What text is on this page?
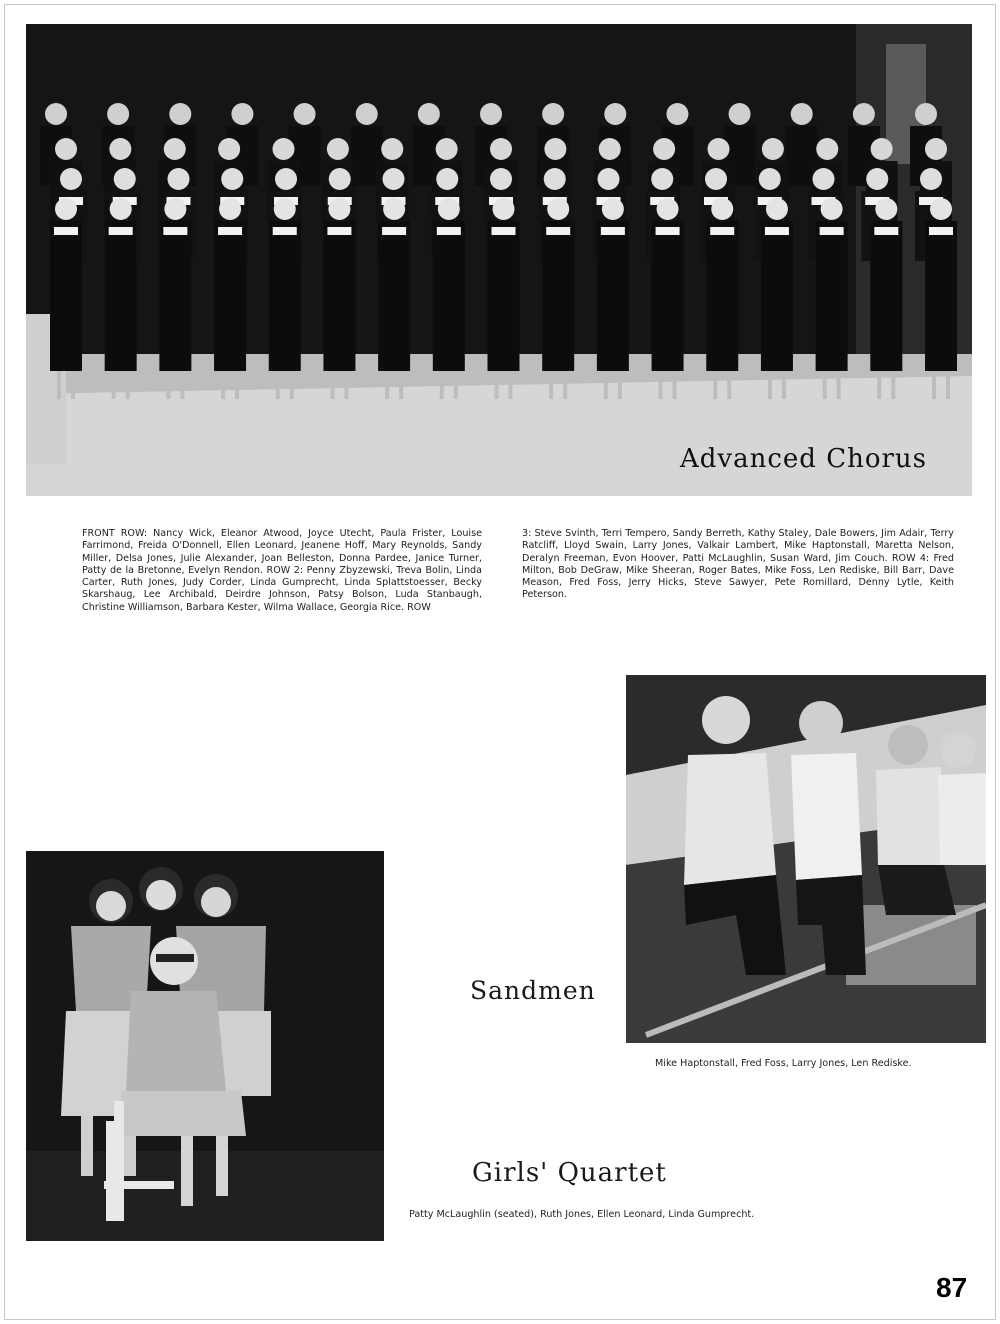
Advanced Chorus
FRONT ROW: Nancy Wick, Eleanor Atwood, Joyce Utecht, Paula Frister, Louise Farrimond, Freida O'Donnell, Ellen Leonard, Jeanene Hoff, Mary Reynolds, Sandy Miller, Delsa Jones, Julie Alexander, Joan Belleston, Donna Pardee, Janice Turner, Patty de la Bretonne, Evelyn Rendon. ROW 2: Penny Zbyzewski, Treva Bolin, Linda Carter, Ruth Jones, Judy Corder, Linda Gumprecht, Linda Splattstoesser, Becky Skarshaug, Lee Archibald, Deirdre Johnson, Patsy Bolson, Luda Stanbaugh, Christine Williamson, Barbara Kester, Wilma Wallace, Georgia Rice. ROW
3: Steve Svinth, Terri Tempero, Sandy Berreth, Kathy Staley, Dale Bowers, Jim Adair, Terry Ratcliff, Lloyd Swain, Larry Jones, Valkair Lambert, Mike Haptonstall, Maretta Nelson, Deralyn Freeman, Evon Hoover, Patti McLaughlin, Susan Ward, Jim Couch. ROW 4: Fred Milton, Bob DeGraw, Mike Sheeran, Roger Bates, Mike Foss, Len Rediske, Bill Barr, Dave Meason, Fred Foss, Jerry Hicks, Steve Sawyer, Pete Romillard, Denny Lytle, Keith Peterson.
Sandmen
Mike Haptonstall, Fred Foss, Larry Jones, Len Rediske.
Girls' Quartet
Patty McLaughlin (seated), Ruth Jones, Ellen Leonard, Linda Gumprecht.
87
